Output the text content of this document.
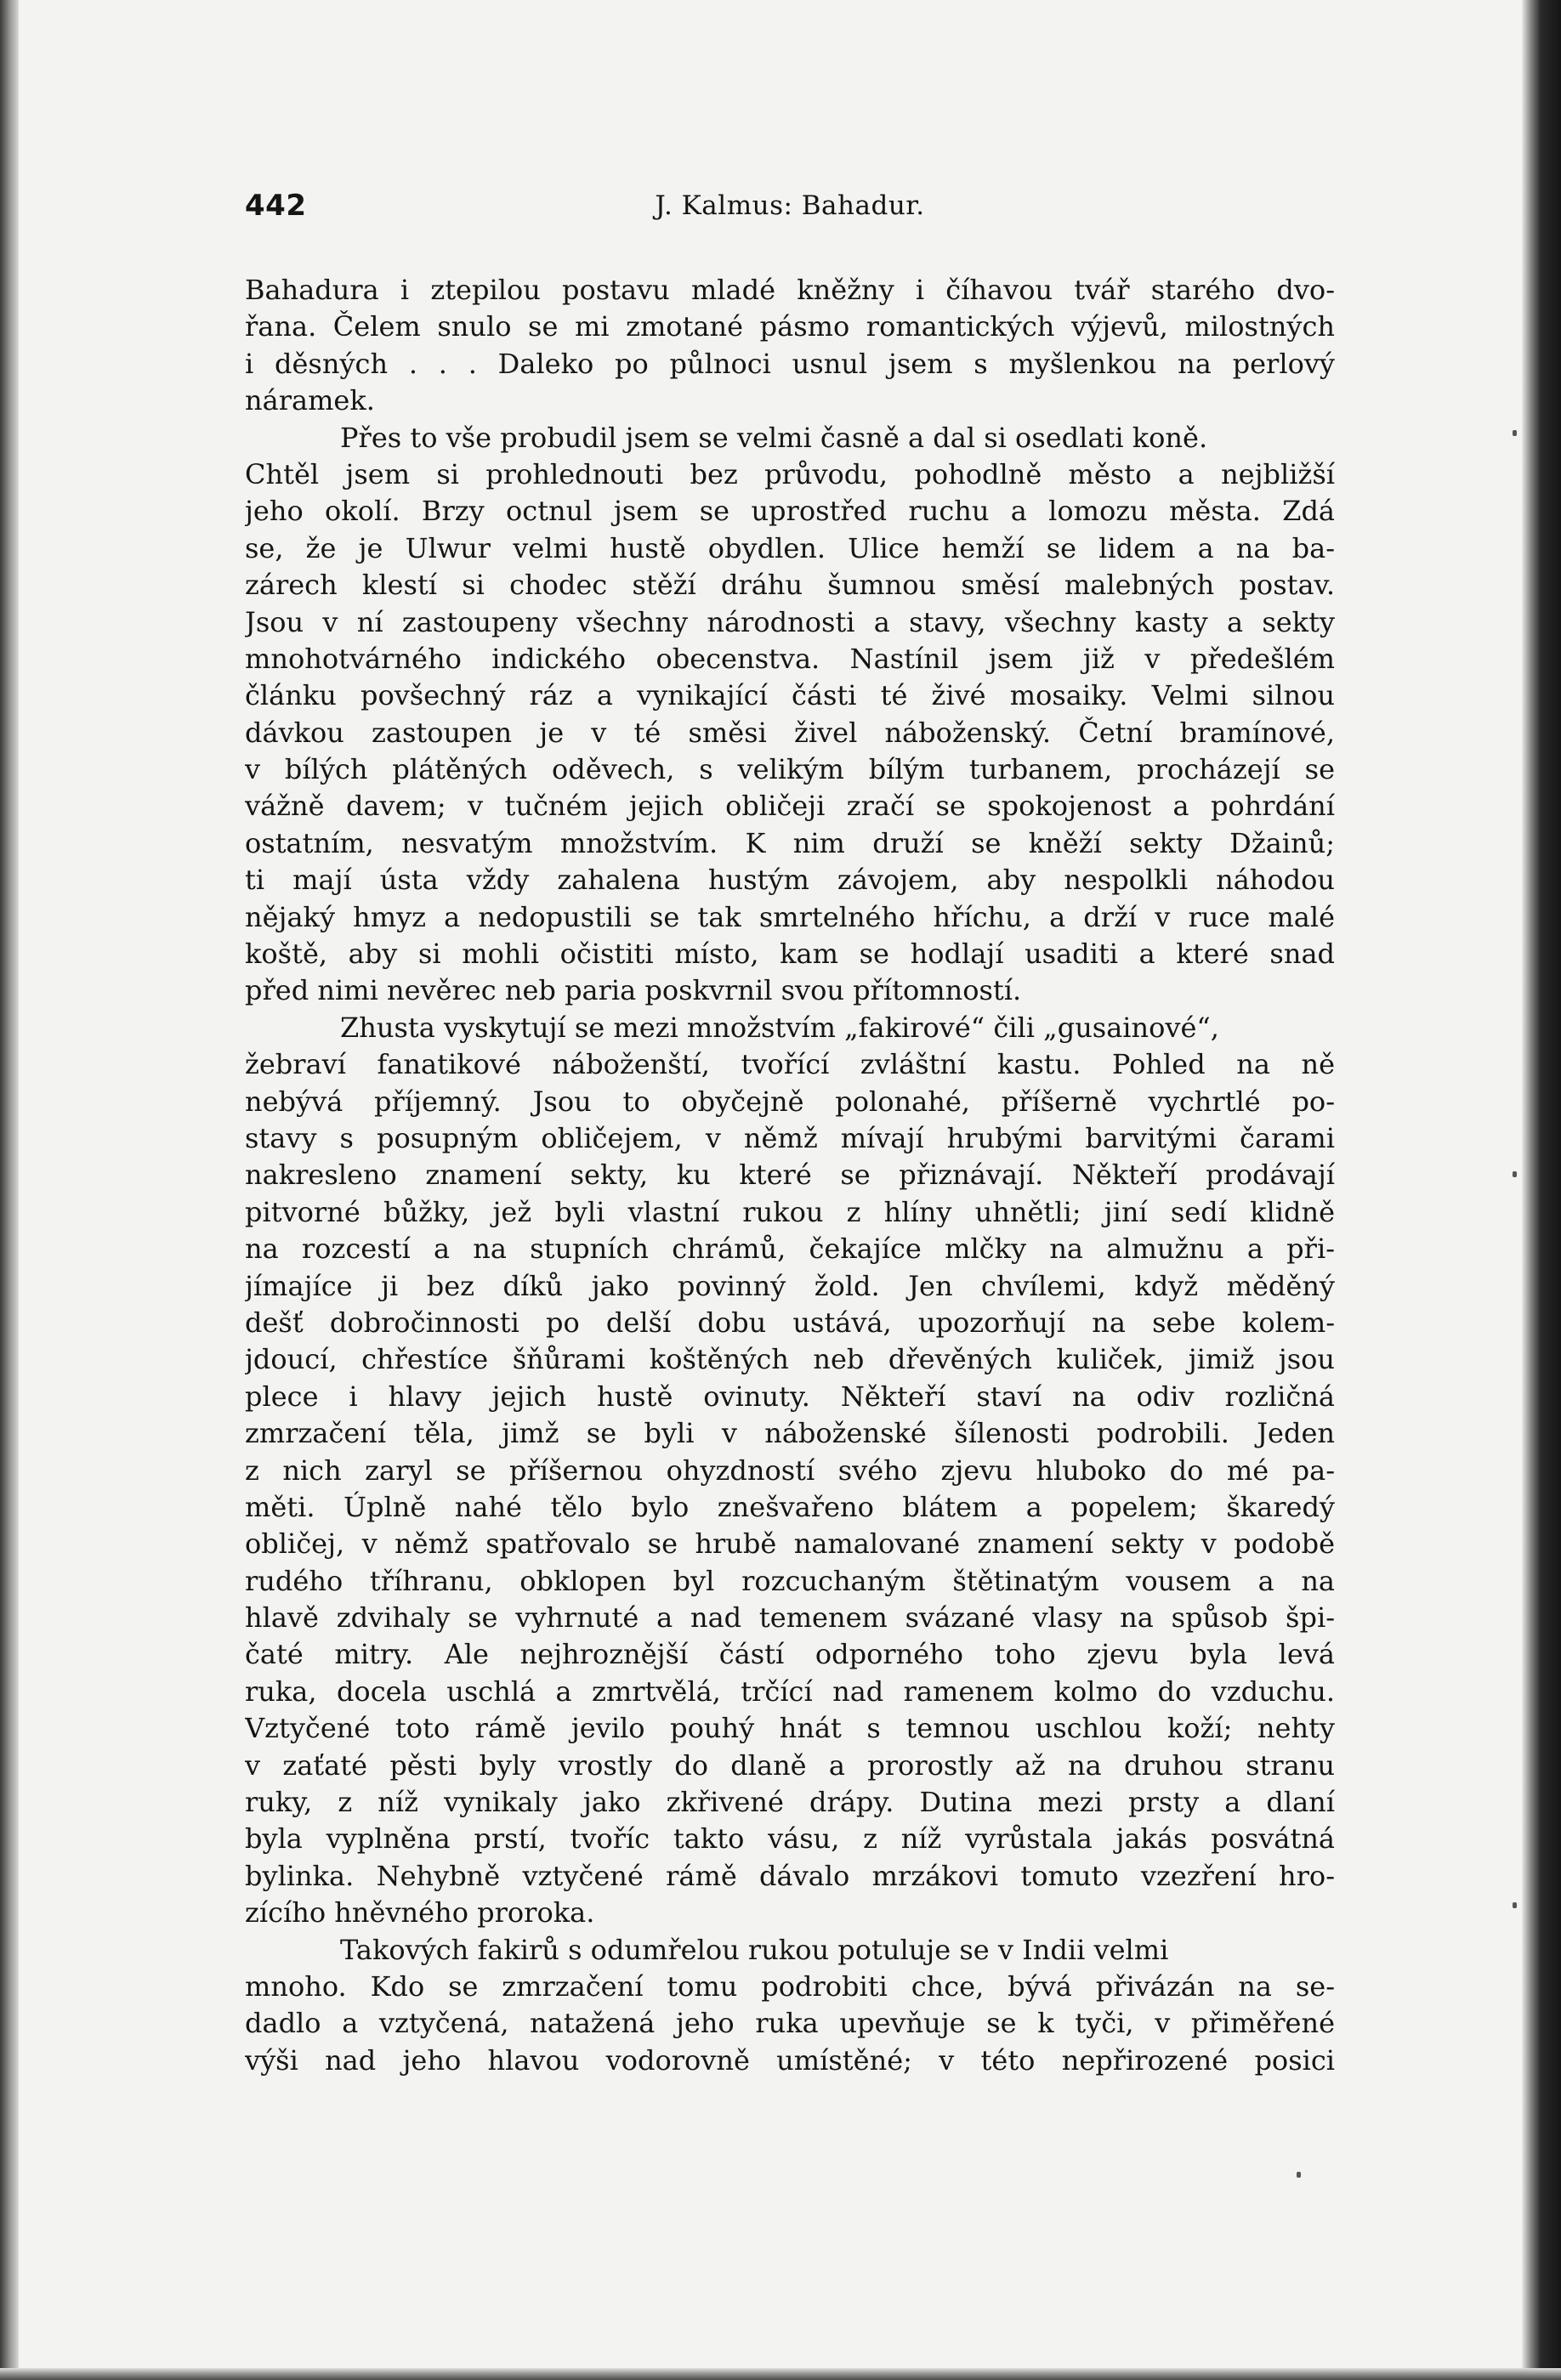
442	J. Kalmus: Bahadur.
Bahadura i ztepilou postavu mladé kněžny i číhavou tvář starého dvo-
řana. Čelem snulo se mi zmotané pásmo romantických výjevů, milostných
i děsných . . . Daleko po půlnoci usnul jsem s myšlenkou na perlový
náramek.
Přes to vše probudil jsem se velmi časně a dal si osedlati koně.
Chtěl jsem si prohlednouti bez průvodu, pohodlně město a nejbližší
jeho okolí. Brzy octnul jsem se uprostřed ruchu a lomozu města. Zdá
se, že je Ulwur velmi hustě obydlen. Ulice hemží se lidem a na ba-
zárech klestí si chodec stěží dráhu šumnou směsí malebných postav.
Jsou v ní zastoupeny všechny národnosti a stavy, všechny kasty a sekty
mnohotvárného indického obecenstva. Nastínil jsem již v předešlém
článku povšechný ráz a vynikající části té živé mosaiky. Velmi silnou
dávkou zastoupen je v té směsi živel náboženský. Četní bramínové,
v bílých plátěných oděvech, s velikým bílým turbanem, procházejí se
vážně davem; v tučném jejich obličeji zračí se spokojenost a pohrdání
ostatním, nesvatým množstvím. K nim druží se kněží sekty Džainů;
ti mají ústa vždy zahalena hustým závojem, aby nespolkli náhodou
nějaký hmyz a nedopustili se tak smrtelného hříchu, a drží v ruce malé
koště, aby si mohli očistiti místo, kam se hodlají usaditi a které snad
před nimi nevěrec neb paria poskvrnil svou přítomností.
Zhusta vyskytují se mezi množstvím „fakirové“ čili „gusainové“,
žebraví fanatikové náboženští, tvořící zvláštní kastu. Pohled na ně
nebývá příjemný. Jsou to obyčejně polonahé, příšerně vychrtlé po-
stavy s posupným obličejem, v němž mívají hrubými barvitými čarami
nakresleno znamení sekty, ku které se přiznávají. Někteří prodávají
pitvorné bůžky, jež byli vlastní rukou z hlíny uhnětli; jiní sedí klidně
na rozcestí a na stupních chrámů, čekajíce mlčky na almužnu a při-
jímajíce ji bez díků jako povinný žold. Jen chvílemi, když měděný
dešť dobročinnosti po delší dobu ustává, upozorňují na sebe kolem-
jdoucí, chřestíce šňůrami koštěných neb dřevěných kuliček, jimiž jsou
plece i hlavy jejich hustě ovinuty. Někteří staví na odiv rozličná
zmrzačení těla, jimž se byli v náboženské šílenosti podrobili. Jeden
z nich zaryl se příšernou ohyzdností svého zjevu hluboko do mé pa-
měti. Úplně nahé tělo bylo znešvařeno blátem a popelem; škaredý
obličej, v němž spatřovalo se hrubě namalované znamení sekty v podobě
rudého tříhranu, obklopen byl rozcuchaným štětinatým vousem a na
hlavě zdvihaly se vyhrnuté a nad temenem svázané vlasy na spůsob špi-
čaté mitry. Ale nejhroznější částí odporného toho zjevu byla levá
ruka, docela uschlá a zmrtvělá, trčící nad ramenem kolmo do vzduchu.
Vztyčené toto rámě jevilo pouhý hnát s temnou uschlou koží; nehty
v zaťaté pěsti byly vrostly do dlaně a prorostly až na druhou stranu
ruky, z níž vynikaly jako zkřivené drápy. Dutina mezi prsty a dlaní
byla vyplněna prstí, tvoříc takto vásu, z níž vyrůstala jakás posvátná
bylinka. Nehybně vztyčené rámě dávalo mrzákovi tomuto vzezření hro-
zícího hněvného proroka.
Takových fakirů s odumřelou rukou potuluje se v Indii velmi
mnoho. Kdo se zmrzačení tomu podrobiti chce, bývá přivázán na se-
dadlo a vztyčená, natažená jeho ruka upevňuje se k tyči, v přiměřené
výši nad jeho hlavou vodorovně umístěné; v této nepřirozené posici
